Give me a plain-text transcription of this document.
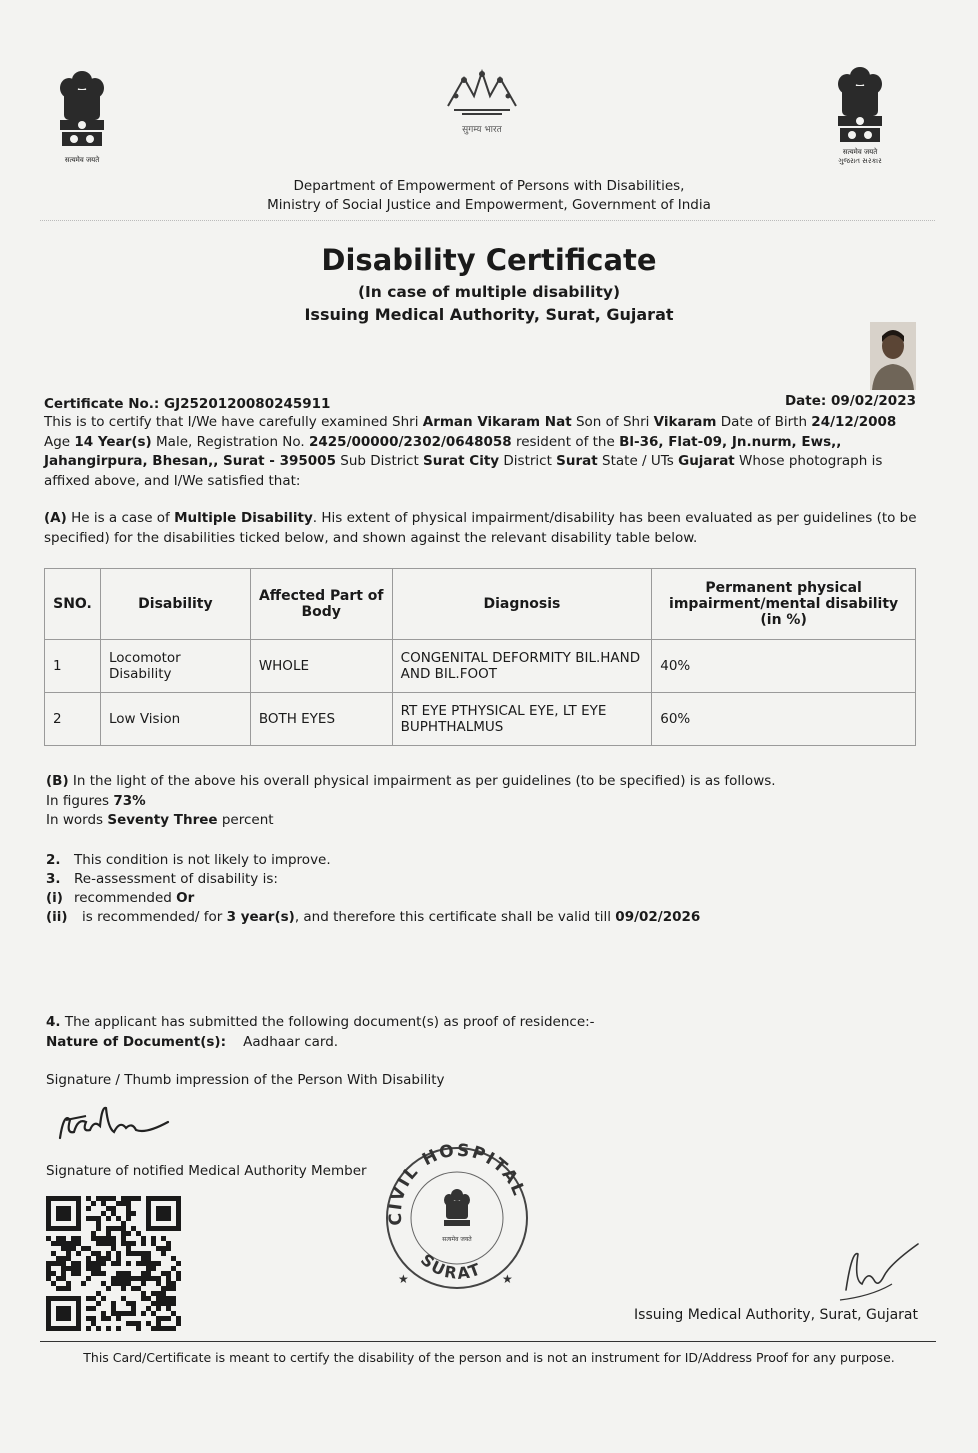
सत्यमेव जयते
सुगम्य भारत
सत्यमेव जयते
ગુજરાત સરકાર
Department of Empowerment of Persons with Disabilities,
Ministry of Social Justice and Empowerment, Government of India
Disability Certificate
(In case of multiple disability)
Issuing Medical Authority, Surat, Gujarat
Certificate No.: GJ2520120080245911	Date: 09/02/2023
This is to certify that I/We have carefully examined Shri Arman Vikaram Nat Son of Shri Vikaram Date of Birth 24/12/2008 Age 14 Year(s) Male, Registration No. 2425/00000/2302/0648058 resident of the Bl-36, Flat-09, Jn.nurm, Ews,, Jahangirpura, Bhesan,, Surat - 395005 Sub District Surat City District Surat State / UTs Gujarat Whose photograph is affixed above, and I/We satisfied that:
(A) He is a case of Multiple Disability. His extent of physical impairment/disability has been evaluated as per guidelines (to be specified) for the disabilities ticked below, and shown against the relevant disability table below.
SNO.	Disability	Affected Part of Body	Diagnosis	Permanent physical impairment/mental disability (in %)
1	Locomotor Disability	WHOLE	CONGENITAL DEFORMITY BIL.HAND AND BIL.FOOT	40%
2	Low Vision	BOTH EYES	RT EYE PTHYSICAL EYE, LT EYE BUPHTHALMUS	60%
(B) In the light of the above his overall physical impairment as per guidelines (to be specified) is as follows.
In figures 73%
In words Seventy Three percent
2. This condition is not likely to improve.
3. Re-assessment of disability is:
(i) recommended Or
(ii) is recommended/ for 3 year(s), and therefore this certificate shall be valid till 09/02/2026
4. The applicant has submitted the following document(s) as proof of residence:-
Nature of Document(s): Aadhaar card.
Signature / Thumb impression of the Person With Disability
Signature of notified Medical Authority Member
CIVIL HOSPITAL
SURAT
सत्यमेव जयते
★	★
Issuing Medical Authority, Surat, Gujarat
This Card/Certificate is meant to certify the disability of the person and is not an instrument for ID/Address Proof for any purpose.
